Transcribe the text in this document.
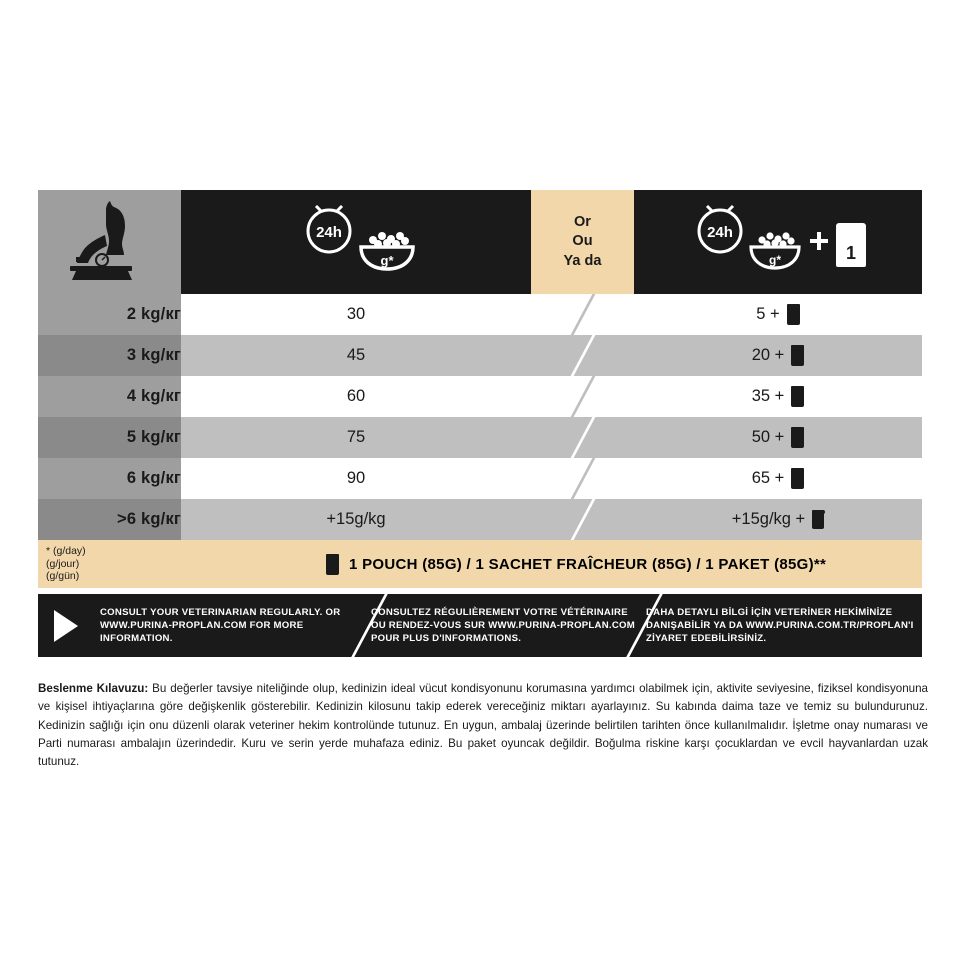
24h
g*

Or
Ou
Ya da

24h
g*	1

2 kg/кг	30		5 +

3 kg/кг	45		20 +

4 kg/кг	60		35 +

5 kg/кг	75		50 +

6 kg/кг	90		65 +

>6 kg/кг	+15g/kg		+15g/kg +
* (g/day)
(g/jour)
(g/gün)
1 POUCH (85G) / 1 SACHET FRAÎCHEUR (85G) / 1 PAKET (85G)**
CONSULT YOUR VETERINARIAN REGULARLY. OR WWW.PURINA-PROPLAN.COM FOR MORE INFORMATION.
CONSULTEZ RÉGULIÈREMENT VOTRE VÉTÉRINAIRE OU RENDEZ-VOUS SUR WWW.PURINA-PROPLAN.COM POUR PLUS D'INFORMATIONS.
DAHA DETAYLI BİLGİ İÇİN VETERİNER HEKİMİNİZE DANIŞABİLİR YA DA WWW.PURINA.COM.TR/PROPLAN'I ZİYARET EDEBİLİRSİNİZ.
Beslenme Kılavuzu: Bu değerler tavsiye niteliğinde olup, kedinizin ideal vücut kondisyonunu korumasına yardımcı olabilmek için, aktivite seviyesine, fiziksel kondisyonuna ve kişisel ihtiyaçlarına göre değişkenlik gösterebilir. Kedinizin kilosunu takip ederek vereceğiniz miktarı ayarlayınız. Su kabında daima taze ve temiz su bulundurunuz. Kedinizin sağlığı için onu düzenli olarak veteriner hekim kontrolünde tutunuz. En uygun, ambalaj üzerinde belirtilen tarihten önce kullanılmalıdır. İşletme onay numarası ve Parti numarası ambalajın üzerindedir. Kuru ve serin yerde muhafaza ediniz. Bu paket oyuncak değildir. Boğulma riskine karşı çocuklardan ve evcil hayvanlardan uzak tutunuz.
